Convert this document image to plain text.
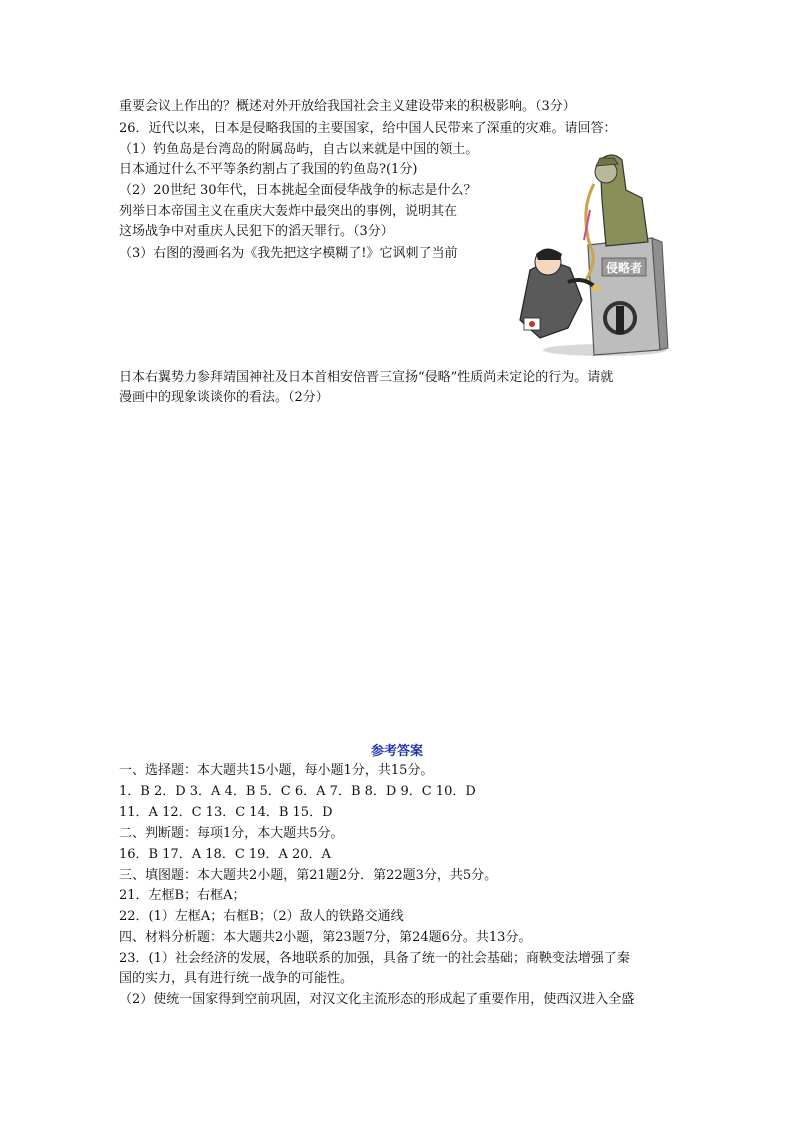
重要会议上作出的？概述对外开放给我国社会主义建设带来的积极影响。（3分）
26．近代以来，日本是侵略我国的主要国家，给中国人民带来了深重的灾难。请回答：
（1）钓鱼岛是台湾岛的附属岛屿，自古以来就是中国的领土。
日本通过什么不平等条约割占了我国的钓鱼岛?(1分)
（2）20世纪 30年代，日本挑起全面侵华战争的标志是什么？
列举日本帝国主义在重庆大轰炸中最突出的事例，说明其在
这场战争中对重庆人民犯下的滔天罪行。（3分）
（3）右图的漫画名为《我先把这字模糊了!》它讽刺了当前
日本右翼势力参拜靖国神社及日本首相安倍晋三宣扬“侵略”性质尚未定论的行为。请就
漫画中的现象谈谈你的看法。（2分）
侵略者
参考答案
一、选择题：本大题共15小题，每小题1分，共15分。
1．B 2．D 3．A 4．B 5．C 6．A 7．B 8．D 9．C 10．D
11．A 12．C 13．C 14．B 15．D
二、判断题：每项1分，本大题共5分。
16．B 17．A 18．C 19．A 20．A
三、填图题：本大题共2小题，第21题2分．第22题3分，共5分。
21．左框B；右框A；
22．(1）左框A；右框B；（2）敌人的铁路交通线
四、材料分析题：本大题共2小题，第23题7分，第24题6分。共13分。
23．(1）社会经济的发展，各地联系的加强，具备了统一的社会基础；商鞅变法增强了秦
国的实力，具有进行统一战争的可能性。
（2）使统一国家得到空前巩固，对汉文化主流形态的形成起了重要作用，使西汉进入全盛
